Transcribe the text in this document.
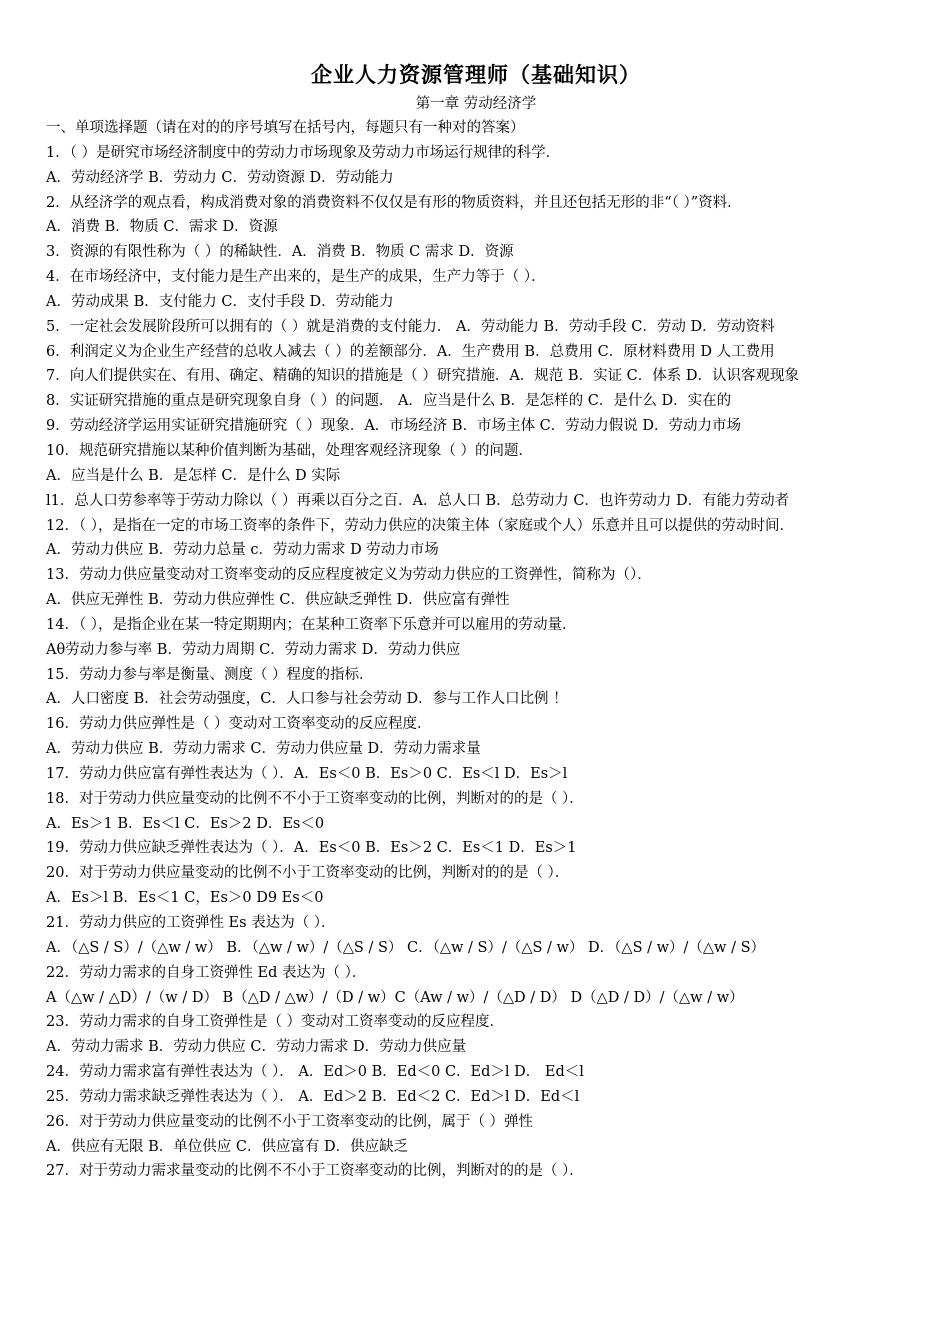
企业人力资源管理师（基础知识）

第一章 劳动经济学

一、单项选择题（请在对的的序号填写在括号内，每题只有一种对的答案）

1．（ ）是研究市场经济制度中的劳动力市场现象及劳动力市场运行规律的科学．

A．劳动经济学 B．劳动力 C．劳动资源 D．劳动能力

2．从经济学的观点看，构成消费对象的消费资料不仅仅是有形的物质资料，并且还包括无形的非“（ ）”资料．

A．消费 B．物质 C．需求 D．资源

3．资源的有限性称为（ ）的稀缺性．A．消费 B．物质 C 需求 D．资源

4．在市场经济中，支付能力是生产出来的，是生产的成果，生产力等于（ ）．

A．劳动成果 B．支付能力 C．支付手段 D．劳动能力

5．一定社会发展阶段所可以拥有的（ ）就是消费的支付能力． A．劳动能力 B．劳动手段 C．劳动 D．劳动资料

6．利润定义为企业生产经营的总收人减去（ ）的差额部分．A．生产费用 B．总费用 C．原材料费用 D 人工费用

7．向人们提供实在、有用、确定、精确的知识的措施是（ ）研究措施．A．规范 B．实证 C．体系 D．认识客观现象

8．实证研究措施的重点是研究现象自身（ ）的问题． A．应当是什么 B．是怎样的 C．是什么 D．实在的

9．劳动经济学运用实证研究措施研究（ ）现象．A．市场经济 B．市场主体 C．劳动力假说 D．劳动力市场

10．规范研究措施以某种价值判断为基础，处理客观经济现象（ ）的问题．

A．应当是什么 B．是怎样 C．是什么 D 实际

l1．总人口劳参率等于劳动力除以（ ）再乘以百分之百．A．总人口 B．总劳动力 C．也许劳动力 D．有能力劳动者

12．（ ），是指在一定的市场工资率的条件下，劳动力供应的决策主体（家庭或个人）乐意并且可以提供的劳动时间．

A．劳动力供应 B．劳动力总量 c．劳动力需求 D 劳动力市场

13．劳动力供应量变动对工资率变动的反应程度被定义为劳动力供应的工资弹性，简称为（）．

A．供应无弹性 B．劳动力供应弹性 C．供应缺乏弹性 D．供应富有弹性

14．（ ），是指企业在某一特定期期内；在某种工资率下乐意并可以雇用的劳动量．

Aθ劳动力参与率 B．劳动力周期 C．劳动力需求 D．劳动力供应

15．劳动力参与率是衡量、测度（ ）程度的指标．

A．人口密度 B．社会劳动强度，C．人口参与社会劳动 D．参与工作人口比例 ！

16．劳动力供应弹性是（ ）变动对工资率变动的反应程度．

A．劳动力供应 B．劳动力需求 C．劳动力供应量 D．劳动力需求量

17．劳动力供应富有弹性表达为（ ）．A．Es＜0 B．Es＞0 C．Es＜l D．Es＞l

18．对于劳动力供应量变动的比例不不小于工资率变动的比例，判断对的的是（ ）．

A．Es＞1 B．Es＜l C．Es＞2 D．Es＜0

19．劳动力供应缺乏弹性表达为（ ）．A．Es＜0 B．Es＞2 C．Es＜1 D．Es＞1

20．对于劳动力供应量变动的比例不小于工资率变动的比例，判断对的的是（ ）．

A．Es＞l B．Es＜1 C，Es＞0 D9 Es＜0

21．劳动力供应的工资弹性 Es 表达为（ ）．

A．（△S / S）/（△w / w） B．（△w / w）/（△S / S） C．（△w / S）/（△S / w） D．（△S / w）/（△w / S）

22．劳动力需求的自身工资弹性 Ed 表达为（ ）．

A（△w / △D）/（w / D） B（△D / △w）/（D / w）C（Aw / w）/（△D / D） D（△D / D）/（△w / w）

23．劳动力需求的自身工资弹性是（ ）变动对工资率变动的反应程度．

A．劳动力需求 B．劳动力供应 C．劳动力需求 D．劳动力供应量

24．劳动力需求富有弹性表达为（ ）． A．Ed＞0 B．Ed＜0 C．Ed＞l D． Ed＜l

25．劳动力需求缺乏弹性表达为（ ）． A．Ed＞2 B．Ed＜2 C．Ed＞l D．Ed＜l

26．对于劳动力供应量变动的比例不小于工资率变动的比例，属于（ ）弹性

A．供应有无限 B．单位供应 C．供应富有 D．供应缺乏

27．对于劳动力需求量变动的比例不不小于工资率变动的比例，判断对的的是（ ）．
